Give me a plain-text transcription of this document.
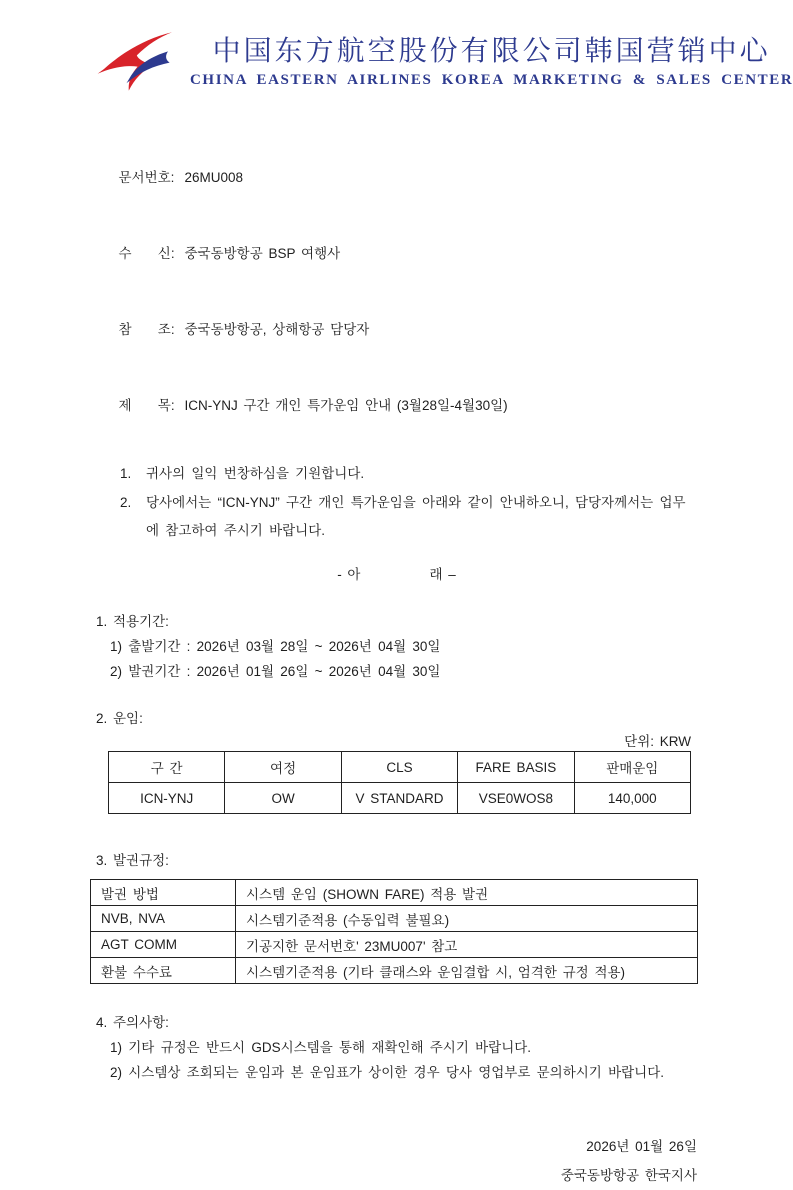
中国东方航空股份有限公司韩国营销中心
CHINA EASTERN AIRLINES KOREA MARKETING & SALES CENTER

문서번호: 26MU008

수       신: 중국동방항공 BSP 여행사

참       조: 중국동방항공, 상해항공 담당자

제       목: ICN-YNJ 구간 개인 특가운임 안내 (3월28일-4월30일)

1.	귀사의 일익 번창하심을 기원합니다.
2.	당사에서는 “ICN-YNJ” 구간 개인 특가운임을 아래와 같이 안내하오니, 담당자께서는 업무에 참고하여 주시기 바랍니다.
- 아            래 –
1. 적용기간:
1) 출발기간 : 2026년 03월 28일 ~ 2026년 04월 30일
2) 발권기간 : 2026년 01월 26일 ~ 2026년 04월 30일
2. 운임:
단위: KRW
구 간	여정	CLS	FARE BASIS	판매운임
ICN-YNJ	OW	V STANDARD	VSE0WOS8	140,000
3. 발권규정:
발권 방법	시스템 운임 (SHOWN FARE) 적용 발권
NVB, NVA	시스템기준적용 (수동입력 불필요)
AGT COMM	기공지한 문서번호' 23MU007' 참고
환불 수수료	시스템기준적용 (기타 클래스와 운임결합 시, 엄격한 규정 적용)
4. 주의사항:
1) 기타 규정은 반드시 GDS시스템을 통해 재확인해 주시기 바랍니다.
2) 시스템상 조회되는 운임과 본 운임표가 상이한 경우 당사 영업부로 문의하시기 바랍니다.
2026년 01월 26일
중국동방항공 한국지사
